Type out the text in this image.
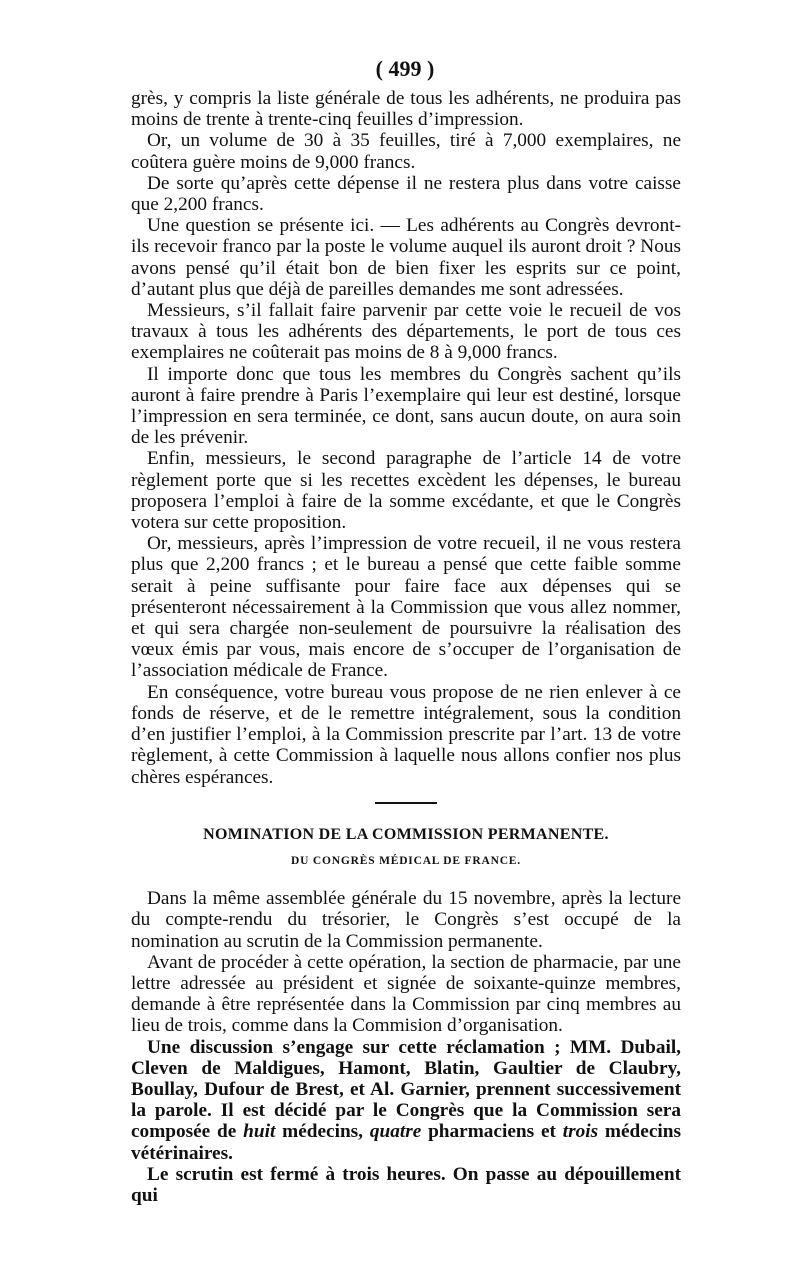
( 499 )

grès, y compris la liste générale de tous les adhérents, ne produira pas moins de trente à trente-cinq feuilles d’impression.

Or, un volume de 30 à 35 feuilles, tiré à 7,000 exemplaires, ne coûtera guère moins de 9,000 francs.

De sorte qu’après cette dépense il ne restera plus dans votre caisse que 2,200 francs.

Une question se présente ici. — Les adhérents au Congrès devront-ils recevoir franco par la poste le volume auquel ils auront droit ? Nous avons pensé qu’il était bon de bien fixer les esprits sur ce point, d’autant plus que déjà de pareilles demandes me sont adressées.

Messieurs, s’il fallait faire parvenir par cette voie le recueil de vos travaux à tous les adhérents des départements, le port de tous ces exemplaires ne coûterait pas moins de 8 à 9,000 francs.

Il importe donc que tous les membres du Congrès sachent qu’ils auront à faire prendre à Paris l’exemplaire qui leur est destiné, lorsque l’impression en sera terminée, ce dont, sans aucun doute, on aura soin de les prévenir.

Enfin, messieurs, le second paragraphe de l’article 14 de votre règlement porte que si les recettes excèdent les dépenses, le bureau proposera l’emploi à faire de la somme excédante, et que le Congrès votera sur cette proposition.

Or, messieurs, après l’impression de votre recueil, il ne vous restera plus que 2,200 francs ; et le bureau a pensé que cette faible somme serait à peine suffisante pour faire face aux dépenses qui se présenteront nécessairement à la Commission que vous allez nommer, et qui sera chargée non-seulement de poursuivre la réalisation des vœux émis par vous, mais encore de s’occuper de l’organisation de l’association médicale de France.

En conséquence, votre bureau vous propose de ne rien enlever à ce fonds de réserve, et de le remettre intégralement, sous la condition d’en justifier l’emploi, à la Commission prescrite par l’art. 13 de votre règlement, à cette Commission à laquelle nous allons confier nos plus chères espérances.

NOMINATION DE LA COMMISSION PERMANENTE.
DU CONGRÈS MÉDICAL DE FRANCE.

Dans la même assemblée générale du 15 novembre, après la lecture du compte-rendu du trésorier, le Congrès s’est occupé de la nomination au scrutin de la Commission permanente.

Avant de procéder à cette opération, la section de pharmacie, par une lettre adressée au président et signée de soixante-quinze membres, demande à être représentée dans la Commission par cinq membres au lieu de trois, comme dans la Commision d’organisation.

Une discussion s’engage sur cette réclamation ; MM. Dubail, Cleven de Maldigues, Hamont, Blatin, Gaultier de Claubry, Boullay, Dufour de Brest, et Al. Garnier, prennent successivement la parole. Il est décidé par le Congrès que la Commission sera composée de huit médecins, quatre pharmaciens et trois médecins vétérinaires.

Le scrutin est fermé à trois heures. On passe au dépouillement qui
